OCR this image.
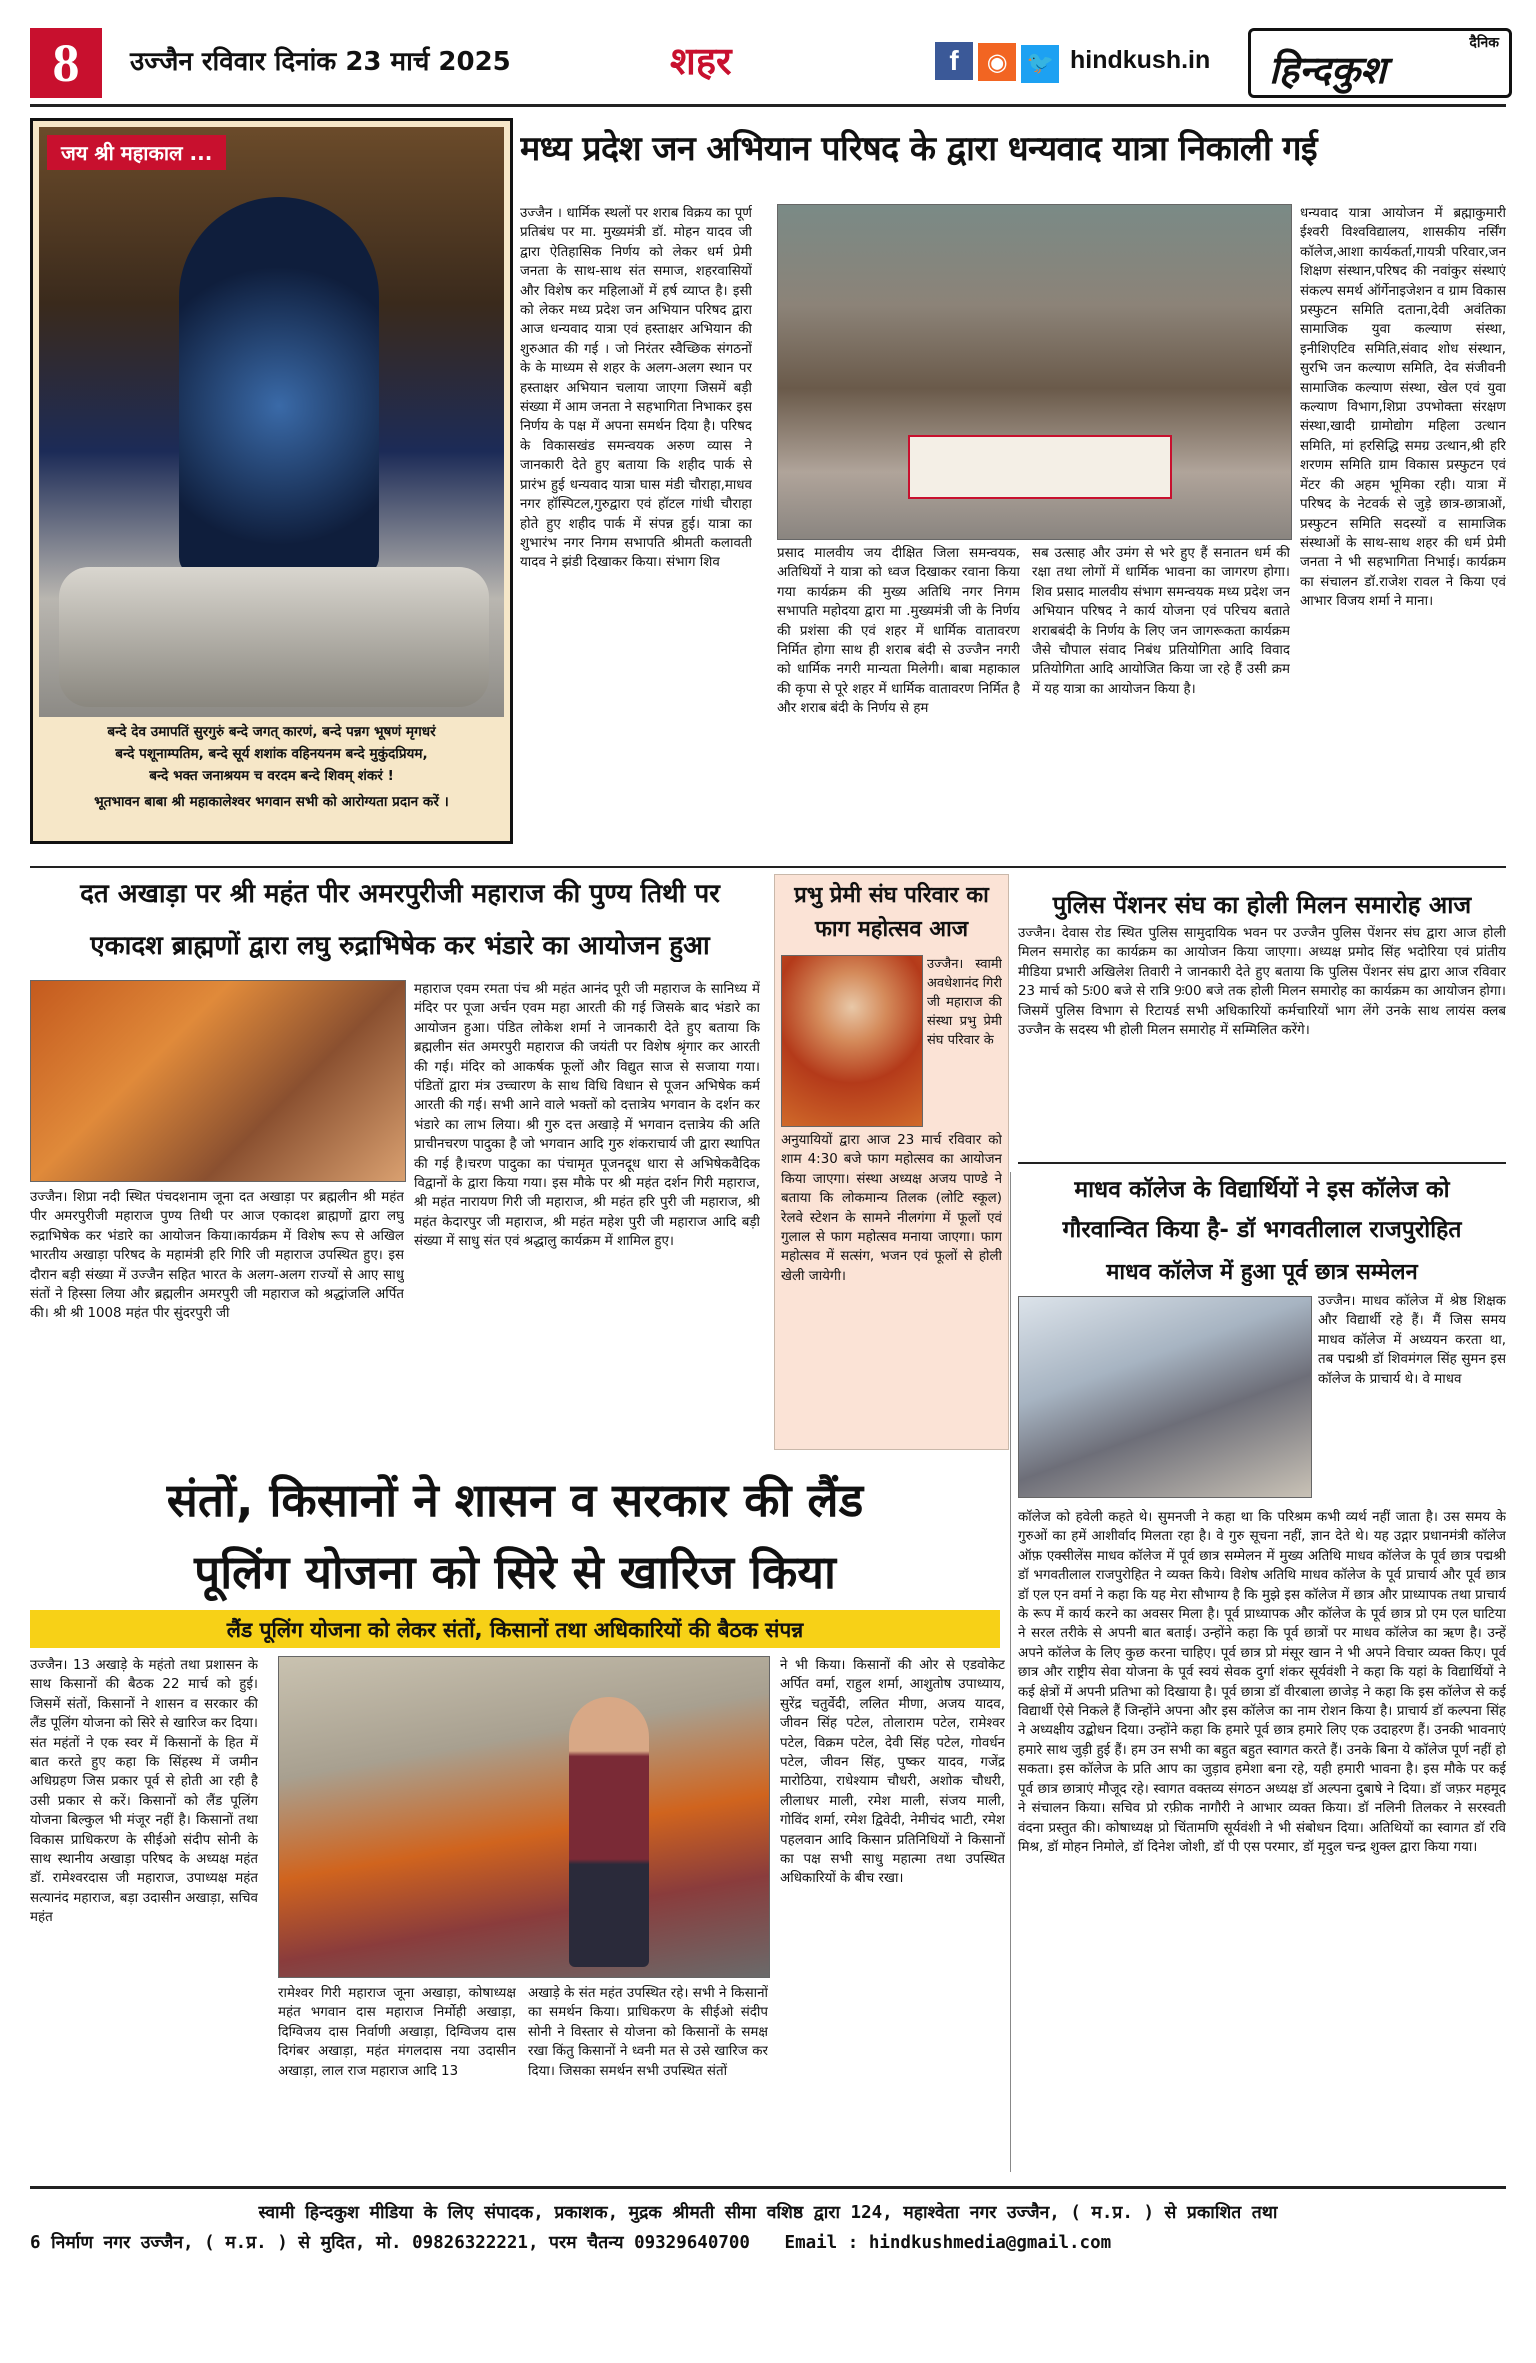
8	उज्जैन रविवार दिनांक 23 मार्च 2025	शहर	f ◉ 🐦 hindkush.in
दैनिक
हिन्दकुश
जय श्री महाकाल ...
बन्दे देव उमापतिं सुरगुरुं बन्दे जगत् कारणं, बन्दे पन्नग भूषणं मृगधरं
बन्दे पशूनाम्पतिम, बन्दे सूर्य शशांक वहिनयनम बन्दे मुकुंदप्रियम,
बन्दे भक्त जनाश्रयम च वरदम बन्दे शिवम् शंकरं !
भूतभावन बाबा श्री महाकालेश्वर भगवान सभी को आरोग्यता प्रदान करें ।
मध्य प्रदेश जन अभियान परिषद के द्वारा धन्यवाद यात्रा निकाली गई
उज्जैन । धार्मिक स्थलों पर शराब विक्रय का पूर्ण प्रतिबंध पर मा. मुख्यमंत्री डॉ. मोहन यादव जी द्वारा ऐतिहासिक निर्णय को लेकर धर्म प्रेमी जनता के साथ-साथ संत समाज, शहरवासियों और विशेष कर महिलाओं में हर्ष व्याप्त है। इसी को लेकर मध्य प्रदेश जन अभियान परिषद द्वारा आज धन्यवाद यात्रा एवं हस्ताक्षर अभियान की शुरुआत की गई । जो निरंतर स्वैच्छिक संगठनों के के माध्यम से शहर के अलग-अलग स्थान पर हस्ताक्षर अभियान चलाया जाएगा जिसमें बड़ी संख्या में आम जनता ने सहभागिता निभाकर इस निर्णय के पक्ष में अपना समर्थन दिया है। परिषद के विकासखंड समन्वयक अरुण व्यास ने जानकारी देते हुए बताया कि शहीद पार्क से प्रारंभ हुई धन्यवाद यात्रा घास मंडी चौराहा,माधव नगर हॉस्पिटल,गुरुद्वारा एवं हॉटल गांधी चौराहा होते हुए शहीद पार्क में संपन्न हुई। यात्रा का शुभारंभ नगर निगम सभापति श्रीमती कलावती यादव ने झंडी दिखाकर किया। संभाग शिव
प्रसाद मालवीय जय दीक्षित जिला समन्वयक, अतिथियों ने यात्रा को ध्वज दिखाकर रवाना किया गया कार्यक्रम की मुख्य अतिथि नगर निगम सभापति महोदया द्वारा मा .मुख्यमंत्री जी के निर्णय की प्रशंसा की एवं शहर में धार्मिक वातावरण निर्मित होगा साथ ही शराब बंदी से उज्जैन नगरी को धार्मिक नगरी मान्यता मिलेगी। बाबा महाकाल की कृपा से पूरे शहर में धार्मिक वातावरण निर्मित है और शराब बंदी के निर्णय से हम
सब उत्साह और उमंग से भरे हुए हैं सनातन धर्म की रक्षा तथा लोगों में धार्मिक भावना का जागरण होगा। शिव प्रसाद मालवीय संभाग समन्वयक मध्य प्रदेश जन अभियान परिषद ने कार्य योजना एवं परिचय बताते शराबबंदी के निर्णय के लिए जन जागरूकता कार्यक्रम जैसे चौपाल संवाद निबंध प्रतियोगिता आदि विवाद प्रतियोगिता आदि आयोजित किया जा रहे हैं उसी क्रम में यह यात्रा का आयोजन किया है।
धन्यवाद यात्रा आयोजन में ब्रह्माकुमारी ईश्वरी विश्वविद्यालय, शासकीय नर्सिंग कॉलेज,आशा कार्यकर्ता,गायत्री परिवार,जन शिक्षण संस्थान,परिषद की नवांकुर संस्थाएं संकल्प समर्थ ऑर्गेनाइजेशन व ग्राम विकास प्रस्फुटन समिति दताना,देवी अवंतिका सामाजिक युवा कल्याण संस्था, इनीशिएटिव समिति,संवाद शोध संस्थान, सुरभि जन कल्याण समिति, देव संजीवनी सामाजिक कल्याण संस्था, खेल एवं युवा कल्याण विभाग,शिप्रा उपभोक्ता संरक्षण संस्था,खादी ग्रामोद्योग महिला उत्थान समिति, मां हरसिद्धि समग्र उत्थान,श्री हरि शरणम समिति ग्राम विकास प्रस्फुटन एवं मेंटर की अहम भूमिका रही। यात्रा में परिषद के नेटवर्क से जुड़े छात्र-छात्राओं, प्रस्फुटन समिति सदस्यों व सामाजिक संस्थाओं के साथ-साथ शहर की धर्म प्रेमी जनता ने भी सहभागिता निभाई। कार्यक्रम का संचालन डॉ.राजेश रावल ने किया एवं आभार विजय शर्मा ने माना।
दत अखाड़ा पर श्री महंत पीर अमरपुरीजी महाराज की पुण्य तिथी पर
एकादश ब्राह्मणों द्वारा लघु रुद्राभिषेक कर भंडारे का आयोजन हुआ
उज्जैन। शिप्रा नदी स्थित पंचदशनाम जूना दत अखाड़ा पर ब्रह्मलीन श्री महंत पीर अमरपुरीजी महाराज पुण्य तिथी पर आज एकादश ब्राह्मणों द्वारा लघु रुद्राभिषेक कर भंडारे का आयोजन किया।कार्यक्रम में विशेष रूप से अखिल भारतीय अखाड़ा परिषद के महामंत्री हरि गिरि जी महाराज उपस्थित हुए। इस दौरान बड़ी संख्या में उज्जैन सहित भारत के अलग-अलग राज्यों से आए साधु संतों ने हिस्सा लिया और ब्रह्मलीन अमरपुरी जी महाराज को श्रद्धांजलि अर्पित की। श्री श्री 1008 महंत पीर सुंदरपुरी जी
महाराज एवम रमता पंच श्री महंत आनंद पूरी जी महाराज के सानिध्य में मंदिर पर पूजा अर्चन एवम महा आरती की गई जिसके बाद भंडारे का आयोजन हुआ। पंडित लोकेश शर्मा ने जानकारी देते हुए बताया कि ब्रह्मलीन संत अमरपुरी महाराज की जयंती पर विशेष श्रृंगार कर आरती की गई। मंदिर को आकर्षक फूलों और विद्युत साज से सजाया गया। पंडितों द्वारा मंत्र उच्चारण के साथ विधि विधान से पूजन अभिषेक कर्म आरती की गई। सभी आने वाले भक्तों को दत्तात्रेय भगवान के दर्शन कर भंडारे का लाभ लिया। श्री गुरु दत्त अखाड़े में भगवान दत्तात्रेय की अति प्राचीनचरण पादुका है जो भगवान आदि गुरु शंकराचार्य जी द्वारा स्थापित की गई है।चरण पादुका का पंचामृत पूजनदूध धारा से अभिषेकवैदिक विद्वानों के द्वारा किया गया। इस मौके पर श्री महंत दर्शन गिरी महाराज, श्री महंत नारायण गिरी जी महाराज, श्री महंत हरि पुरी जी महाराज, श्री महंत केदारपुर जी महाराज, श्री महंत महेश पुरी जी महाराज आदि बड़ी संख्या में साधु संत एवं श्रद्धालु कार्यक्रम में शामिल हुए।
प्रभु प्रेमी संघ परिवार का फाग महोत्सव आज
उज्जैन। स्वामी अवधेशानंद गिरी जी महाराज की संस्था प्रभु प्रेमी संघ परिवार के
अनुयायियों द्वारा आज 23 मार्च रविवार को शाम 4:30 बजे फाग महोत्सव का आयोजन किया जाएगा। संस्था अध्यक्ष अजय पाण्डे ने बताया कि लोकमान्य तिलक (लोटि स्कूल) रेलवे स्टेशन के सामने नीलगंगा में फूलों एवं गुलाल से फाग महोत्सव मनाया जाएगा। फाग महोत्सव में सत्संग, भजन एवं फूलों से होली खेली जायेगी।
पुलिस पेंशनर संघ का होली मिलन समारोह आज
उज्जैन। देवास रोड स्थित पुलिस सामुदायिक भवन पर उज्जैन पुलिस पेंशनर संघ द्वारा आज होली मिलन समारोह का कार्यक्रम का आयोजन किया जाएगा। अध्यक्ष प्रमोद सिंह भदोरिया एवं प्रांतीय मीडिया प्रभारी अखिलेश तिवारी ने जानकारी देते हुए बताया कि पुलिस पेंशनर संघ द्वारा आज रविवार 23 मार्च को 5ः00 बजे से रात्रि 9ः00 बजे तक होली मिलन समारोह का कार्यक्रम का आयोजन होगा। जिसमें पुलिस विभाग से रिटायर्ड सभी अधिकारियों कर्मचारियों भाग लेंगे उनके साथ लायंस क्लब उज्जैन के सदस्य भी होली मिलन समारोह में सम्मिलित करेंगे।
माधव कॉलेज के विद्यार्थियों ने इस कॉलेज को
गौरवान्वित किया है- डॉ भगवतीलाल राजपुरोहित
माधव कॉलेज में हुआ पूर्व छात्र सम्मेलन
उज्जैन। माधव कॉलेज में श्रेष्ठ शिक्षक और विद्यार्थी रहे हैं। मैं जिस समय माधव कॉलेज में अध्ययन करता था, तब पद्मश्री डॉ शिवमंगल सिंह सुमन इस कॉलेज के प्राचार्य थे। वे माधव
कॉलेज को हवेली कहते थे। सुमनजी ने कहा था कि परिश्रम कभी व्यर्थ नहीं जाता है। उस समय के गुरुओं का हमें आशीर्वाद मिलता रहा है। वे गुरु सूचना नहीं, ज्ञान देते थे। यह उद्गार प्रधानमंत्री कॉलेज ऑफ़ एक्सीलेंस माधव कॉलेज में पूर्व छात्र सम्मेलन में मुख्य अतिथि माधव कॉलेज के पूर्व छात्र पद्मश्री डॉ भगवतीलाल राजपुरोहित ने व्यक्त किये। विशेष अतिथि माधव कॉलेज के पूर्व प्राचार्य और पूर्व छात्र डॉ एल एन वर्मा ने कहा कि यह मेरा सौभाग्य है कि मुझे इस कॉलेज में छात्र और प्राध्यापक तथा प्राचार्य के रूप में कार्य करने का अवसर मिला है। पूर्व प्राध्यापक और कॉलेज के पूर्व छात्र प्रो एम एल घाटिया ने सरल तरीके से अपनी बात बताई। उन्होंने कहा कि पूर्व छात्रों पर माधव कॉलेज का ऋण है। उन्हें अपने कॉलेज के लिए कुछ करना चाहिए। पूर्व छात्र प्रो मंसूर खान ने भी अपने विचार व्यक्त किए। पूर्व छात्र और राष्ट्रीय सेवा योजना के पूर्व स्वयं सेवक दुर्गा शंकर सूर्यवंशी ने कहा कि यहां के विद्यार्थियों ने कई क्षेत्रों में अपनी प्रतिभा को दिखाया है। पूर्व छात्रा डॉ वीरबाला छाजेड़ ने कहा कि इस कॉलेज से कई विद्यार्थी ऐसे निकले हैं जिन्होंने अपना और इस कॉलेज का नाम रोशन किया है। प्राचार्य डॉ कल्पना सिंह ने अध्यक्षीय उद्बोधन दिया। उन्होंने कहा कि हमारे पूर्व छात्र हमारे लिए एक उदाहरण हैं। उनकी भावनाएं हमारे साथ जुड़ी हुई हैं। हम उन सभी का बहुत बहुत स्वागत करते हैं। उनके बिना ये कॉलेज पूर्ण नहीं हो सकता। इस कॉलेज के प्रति आप का जुड़ाव हमेशा बना रहे, यही हमारी भावना है। इस मौके पर कई पूर्व छात्र छात्राएं मौजूद रहे। स्वागत वक्तव्य संगठन अध्यक्ष डॉ अल्पना दुबाषे ने दिया। डॉ जफ़र महमूद ने संचालन किया। सचिव प्रो रफ़ीक नागौरी ने आभार व्यक्त किया। डॉ नलिनी तिलकर ने सरस्वती वंदना प्रस्तुत की। कोषाध्यक्ष प्रो चिंतामणि सूर्यवंशी ने भी संबोधन दिया। अतिथियों का स्वागत डॉ रवि मिश्र, डॉ मोहन निमोले, डॉ दिनेश जोशी, डॉ पी एस परमार, डॉ मृदुल चन्द्र शुक्ल द्वारा किया गया।
संतों, किसानों ने शासन व सरकार की लैंड
पूलिंग योजना को सिरे से खारिज किया
लैंड पूलिंग योजना को लेकर संतों, किसानों तथा अधिकारियों की बैठक संपन्न
उज्जैन। 13 अखाड़े के महंतो तथा प्रशासन के साथ किसानों की बैठक 22 मार्च को हुई। जिसमें संतों, किसानों ने शासन व सरकार की लैंड पूलिंग योजना को सिरे से खारिज कर दिया। संत महंतों ने एक स्वर में किसानों के हित में बात करते हुए कहा कि सिंहस्थ में जमीन अधिग्रहण जिस प्रकार पूर्व से होती आ रही है उसी प्रकार से करें। किसानों को लैंड पूलिंग योजना बिल्कुल भी मंजूर नहीं है। किसानों तथा विकास प्राधिकरण के सीईओ संदीप सोनी के साथ स्थानीय अखाड़ा परिषद के अध्यक्ष महंत डॉ. रामेश्वरदास जी महाराज, उपाध्यक्ष महंत सत्यानंद महाराज, बड़ा उदासीन अखाड़ा, सचिव महंत
रामेश्वर गिरी महाराज जूना अखाड़ा, कोषाध्यक्ष महंत भगवान दास महाराज निर्मोही अखाड़ा, दिग्विजय दास निर्वाणी अखाड़ा, दिग्विजय दास दिगंबर अखाड़ा, महंत मंगलदास नया उदासीन अखाड़ा, लाल राज महाराज आदि 13
अखाड़े के संत महंत उपस्थित रहे। सभी ने किसानों का समर्थन किया। प्राधिकरण के सीईओ संदीप सोनी ने विस्तार से योजना को किसानों के समक्ष रखा किंतु किसानों ने ध्वनी मत से उसे खारिज कर दिया। जिसका समर्थन सभी उपस्थित संतों
ने भी किया। किसानों की ओर से एडवोकेट अर्पित वर्मा, राहुल शर्मा, आशुतोष उपाध्याय, सुरेंद्र चतुर्वेदी, ललित मीणा, अजय यादव, जीवन सिंह पटेल, तोलाराम पटेल, रामेश्वर पटेल, विक्रम पटेल, देवी सिंह पटेल, गोवर्धन पटेल, जीवन सिंह, पुष्कर यादव, गजेंद्र मारोठिया, राधेश्याम चौधरी, अशोक चौधरी, लीलाधर माली, रमेश माली, संजय माली, गोविंद शर्मा, रमेश द्विवेदी, नेमीचंद भाटी, रमेश पहलवान आदि किसान प्रतिनिधियों ने किसानों का पक्ष सभी साधु महात्मा तथा उपस्थित अधिकारियों के बीच रखा।
स्वामी हिन्दकुश मीडिया के लिए संपादक, प्रकाशक, मुद्रक श्रीमती सीमा वशिष्ठ द्वारा 124, महाश्वेता नगर उज्जैन, ( म.प्र. ) से प्रकाशित तथा
6 निर्माण नगर उज्जैन, ( म.प्र. ) से मुदित, मो. 09826322221, परम चैतन्य 09329640700 Email : hindkushmedia@gmail.com
